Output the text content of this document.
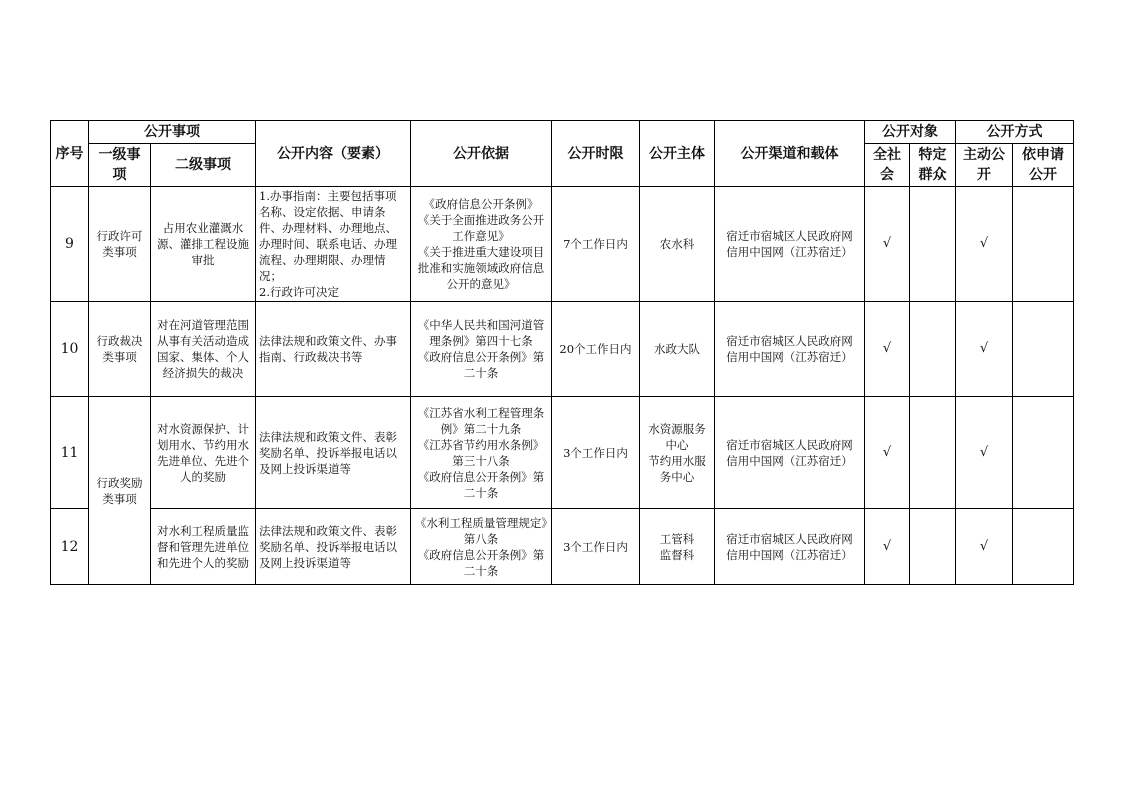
序号	公开事项		公开内容（要素）	公开依据	公开时限	公开主体	公开渠道和载体	公开对象		公开方式	
	一级事项	二级事项						全社会	特定群众	主动公开	依申请公开
9	行政许可类事项	占用农业灌溉水源、灌排工程设施审批	1.办事指南：主要包括事项名称、设定依据、申请条件、办理材料、办理地点、办理时间、联系电话、办理流程、办理期限、办理情况；
2.行政许可决定	《政府信息公开条例》
《关于全面推进政务公开工作意见》
《关于推进重大建设项目批准和实施领域政府信息公开的意见》	7个工作日内	农水科	宿迁市宿城区人民政府网
信用中国网（江苏宿迁）	√		√	
10	行政裁决类事项	对在河道管理范围从事有关活动造成国家、集体、个人经济损失的裁决	法律法规和政策文件、办事指南、行政裁决书等	《中华人民共和国河道管理条例》第四十七条
《政府信息公开条例》第二十条	20个工作日内	水政大队	宿迁市宿城区人民政府网
信用中国网（江苏宿迁）	√		√	
11	行政奖励类事项	对水资源保护、计划用水、节约用水先进单位、先进个人的奖励	法律法规和政策文件、表彰奖励名单、投诉举报电话以及网上投诉渠道等	《江苏省水利工程管理条例》第二十九条
《江苏省节约用水条例》第三十八条
《政府信息公开条例》第二十条	3个工作日内	水资源服务中心
节约用水服务中心	宿迁市宿城区人民政府网
信用中国网（江苏宿迁）	√		√	
12		对水利工程质量监督和管理先进单位和先进个人的奖励	法律法规和政策文件、表彰奖励名单、投诉举报电话以及网上投诉渠道等	《水利工程质量管理规定》第八条
《政府信息公开条例》第二十条	3个工作日内	工管科
监督科	宿迁市宿城区人民政府网
信用中国网（江苏宿迁）	√		√	
